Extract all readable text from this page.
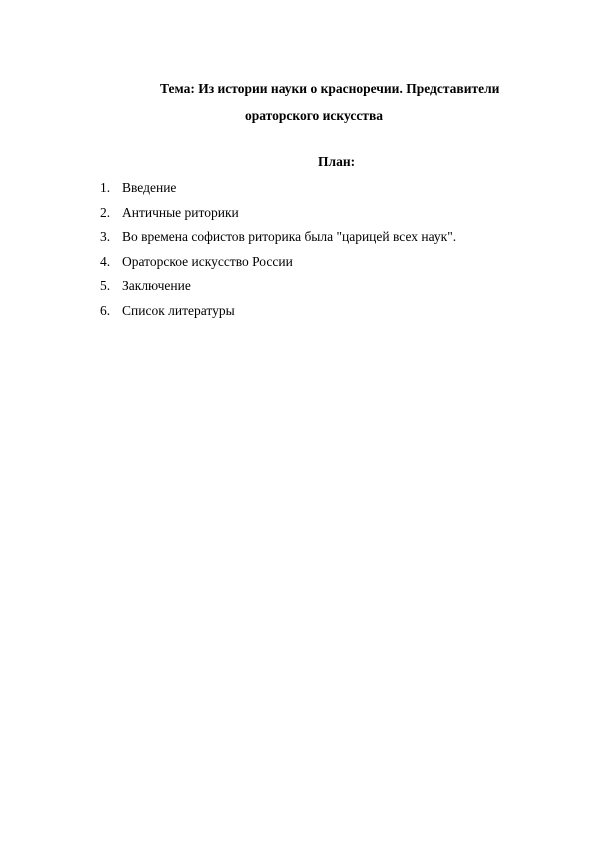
Тема: Из истории науки о красноречии. Представители
ораторского искусства
План:
1. Введение
2. Античные риторики
3. Во времена софистов риторика была "царицей всех наук".
4. Ораторское искусство России
5. Заключение
6. Список литературы
